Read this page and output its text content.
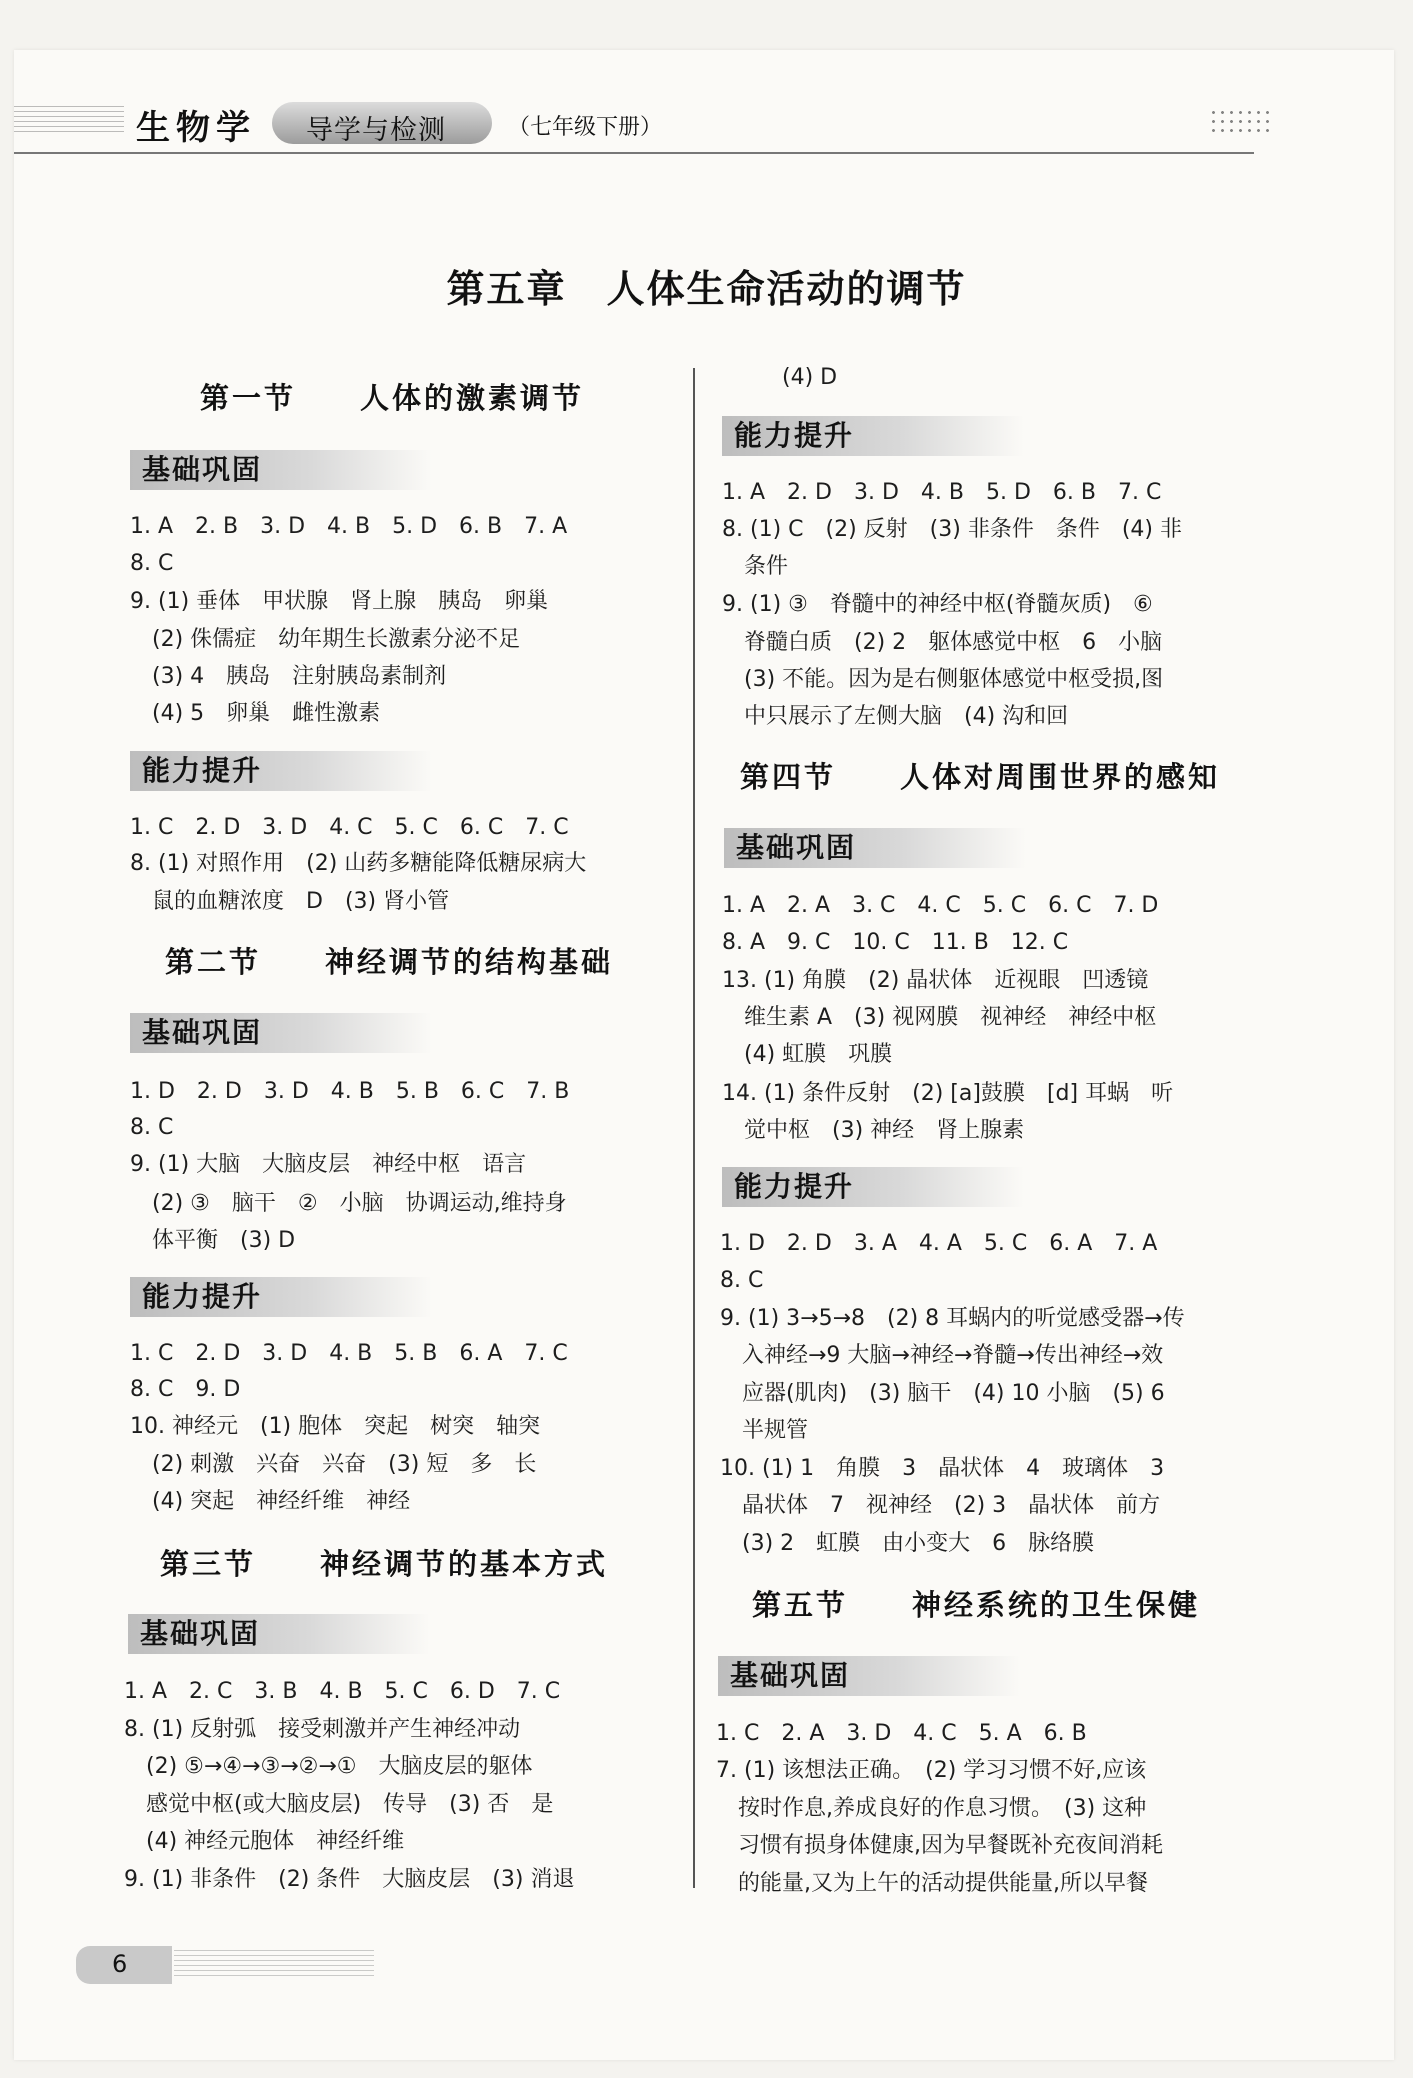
生物学 导学与检测	（七年级下册）
第五章　人体生命活动的调节
第一节　　人体的激素调节
基础巩固
1. A　2. B　3. D　4. B　5. D　6. B　7. A
8. C
9. (1) 垂体　甲状腺　肾上腺　胰岛　卵巢
　(2) 侏儒症　幼年期生长激素分泌不足
　(3) 4　胰岛　注射胰岛素制剂
　(4) 5　卵巢　雌性激素
能力提升
1. C　2. D　3. D　4. C　5. C　6. C　7. C
8. (1) 对照作用　(2) 山药多糖能降低糖尿病大
　鼠的血糖浓度　D　(3) 肾小管
第二节　　神经调节的结构基础
基础巩固
1. D　2. D　3. D　4. B　5. B　6. C　7. B
8. C
9. (1) 大脑　大脑皮层　神经中枢　语言
　(2) ③　脑干　②　小脑　协调运动,维持身
　体平衡　(3) D
能力提升
1. C　2. D　3. D　4. B　5. B　6. A　7. C
8. C　9. D
10. 神经元　(1) 胞体　突起　树突　轴突
　(2) 刺激　兴奋　兴奋　(3) 短　多　长
　(4) 突起　神经纤维　神经
第三节　　神经调节的基本方式
基础巩固
1. A　2. C　3. B　4. B　5. C　6. D　7. C
8. (1) 反射弧　接受刺激并产生神经冲动
　(2) ⑤→④→③→②→①　大脑皮层的躯体
　感觉中枢(或大脑皮层)　传导　(3) 否　是
　(4) 神经元胞体　神经纤维
9. (1) 非条件　(2) 条件　大脑皮层　(3) 消退
(4) D
能力提升
1. A　2. D　3. D　4. B　5. D　6. B　7. C
8. (1) C　(2) 反射　(3) 非条件　条件　(4) 非
　条件
9. (1) ③　脊髓中的神经中枢(脊髓灰质)　⑥
　脊髓白质　(2) 2　躯体感觉中枢　6　小脑
　(3) 不能。因为是右侧躯体感觉中枢受损,图
　中只展示了左侧大脑　(4) 沟和回
第四节　　人体对周围世界的感知
基础巩固
1. A　2. A　3. C　4. C　5. C　6. C　7. D
8. A　9. C　10. C　11. B　12. C
13. (1) 角膜　(2) 晶状体　近视眼　凹透镜
　维生素 A　(3) 视网膜　视神经　神经中枢
　(4) 虹膜　巩膜
14. (1) 条件反射　(2) [a]鼓膜　[d] 耳蜗　听
　觉中枢　(3) 神经　肾上腺素
能力提升
1. D　2. D　3. A　4. A　5. C　6. A　7. A
8. C
9. (1) 3→5→8　(2) 8 耳蜗内的听觉感受器→传
　入神经→9 大脑→神经→脊髓→传出神经→效
　应器(肌肉)　(3) 脑干　(4) 10 小脑　(5) 6
　半规管
10. (1) 1　角膜　3　晶状体　4　玻璃体　3
　晶状体　7　视神经　(2) 3　晶状体　前方
　(3) 2　虹膜　由小变大　6　脉络膜
第五节　　神经系统的卫生保健
基础巩固
1. C　2. A　3. D　4. C　5. A　6. B
7. (1) 该想法正确。　(2) 学习习惯不好,应该
　按时作息,养成良好的作息习惯。　(3) 这种
　习惯有损身体健康,因为早餐既补充夜间消耗
　的能量,又为上午的活动提供能量,所以早餐
6
